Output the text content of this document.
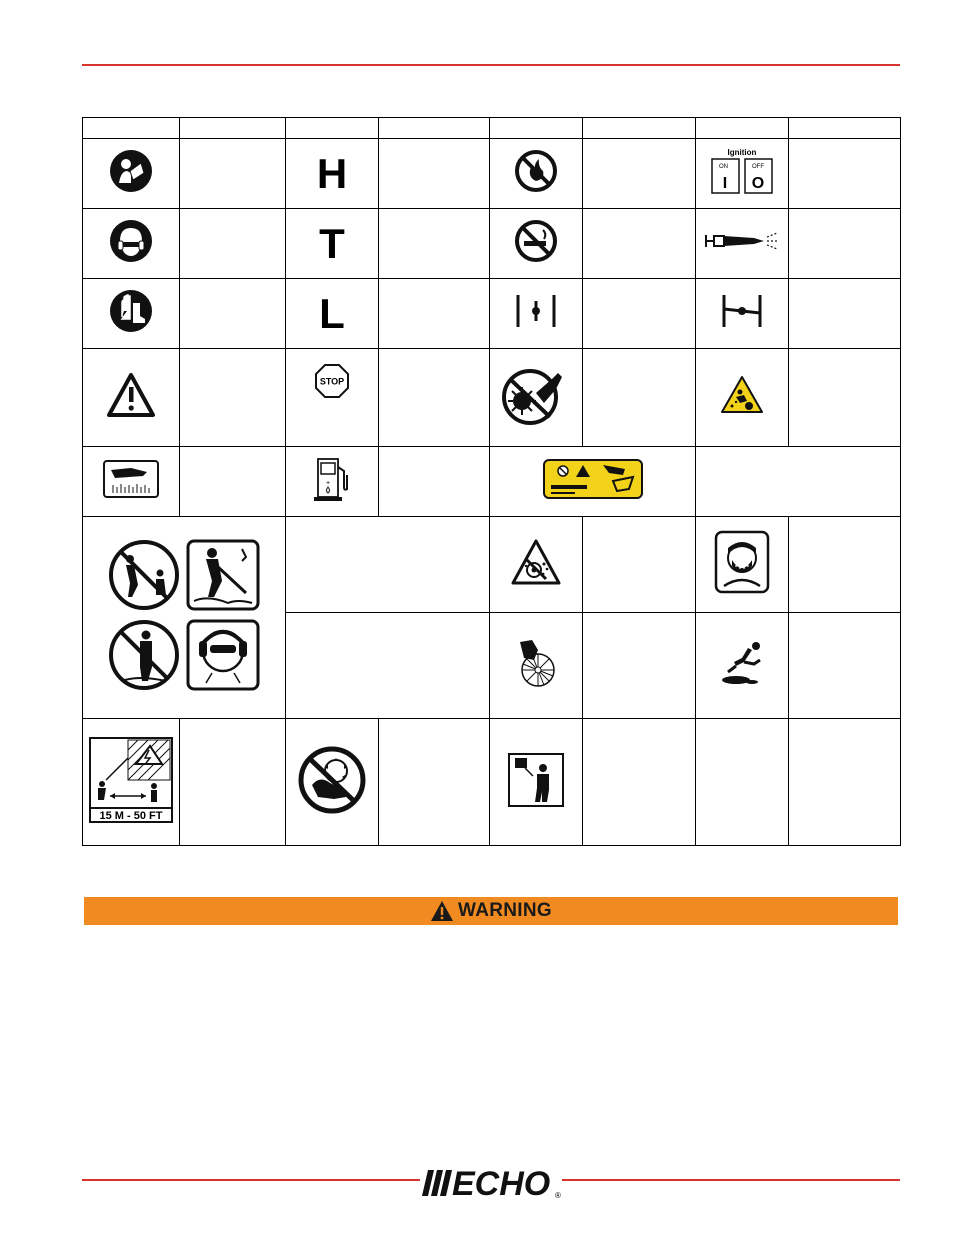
		H				Ignition
ON OFF
I O	

		T					
		L					

STOP

+

15 M - 50 FT

WARNING
ECHO ®
